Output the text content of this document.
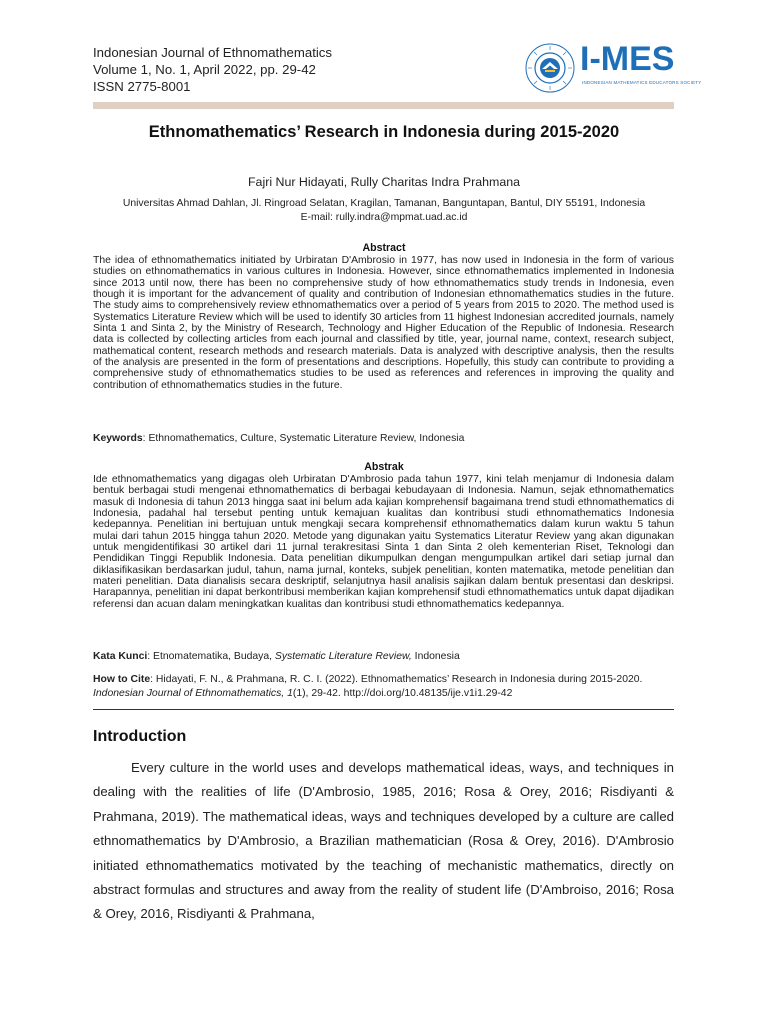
Indonesian Journal of Ethnomathematics
Volume 1, No. 1, April 2022, pp. 29-42
ISSN 2775-8001
I-MES
INDONESIAN MATHEMATICS EDUCATORS SOCIETY
Ethnomathematics’ Research in Indonesia during 2015-2020
Fajri Nur Hidayati, Rully Charitas Indra Prahmana
Universitas Ahmad Dahlan, Jl. Ringroad Selatan, Kragilan, Tamanan, Banguntapan, Bantul, DIY 55191, Indonesia
E-mail: rully.indra@mpmat.uad.ac.id
Abstract
The idea of ethnomathematics initiated by Urbiratan D'Ambrosio in 1977, has now used in Indonesia in the form of various studies on ethnomathematics in various cultures in Indonesia. However, since ethnomathematics implemented in Indonesia since 2013 until now, there has been no comprehensive study of how ethnomathematics study trends in Indonesia, even though it is important for the advancement of quality and contribution of Indonesian ethnomathematics studies in the future. The study aims to comprehensively review ethnomathematics over a period of 5 years from 2015 to 2020. The method used is Systematics Literature Review which will be used to identify 30 articles from 11 highest Indonesian accredited journals, namely Sinta 1 and Sinta 2, by the Ministry of Research, Technology and Higher Education of the Republic of Indonesia. Research data is collected by collecting articles from each journal and classified by title, year, journal name, context, research subject, mathematical content, research methods and research materials. Data is analyzed with descriptive analysis, then the results of the analysis are presented in the form of presentations and descriptions. Hopefully, this study can contribute to providing a comprehensive study of ethnomathematics studies to be used as references and references in improving the quality and contribution of ethnomathematics studies in the future.
Keywords: Ethnomathematics, Culture, Systematic Literature Review, Indonesia
Abstrak
Ide ethnomathematics yang digagas oleh Urbiratan D'Ambrosio pada tahun 1977, kini telah menjamur di Indonesia dalam bentuk berbagai studi mengenai ethnomathematics di berbagai kebudayaan di Indonesia. Namun, sejak ethnomathematics masuk di Indonesia di tahun 2013 hingga saat ini belum ada kajian komprehensif bagaimana trend studi ethnomathematics di Indonesia, padahal hal tersebut penting untuk kemajuan kualitas dan kontribusi studi ethnomathematics Indonesia kedepannya. Penelitian ini bertujuan untuk mengkaji secara komprehensif ethnomathematics dalam kurun waktu 5 tahun mulai dari tahun 2015 hingga tahun 2020. Metode yang digunakan yaitu Systematics Literatur Review yang akan digunakan untuk mengidentifikasi 30 artikel dari 11 jurnal terakresitasi Sinta 1 dan Sinta 2 oleh kementerian Riset, Teknologi dan Pendidikan Tinggi Republik Indonesia. Data penelitian dikumpulkan dengan mengumpulkan artikel dari setiap jurnal dan diklasifikasikan berdasarkan judul, tahun, nama jurnal, konteks, subjek penelitian, konten matematika, metode penelitian dan materi penelitian. Data dianalisis secara deskriptif, selanjutnya hasil analisis sajikan dalam bentuk presentasi dan deskripsi. Harapannya, penelitian ini dapat berkontribusi memberikan kajian komprehensif studi ethnomathematics untuk dapat dijadikan referensi dan acuan dalam meningkatkan kualitas dan kontribusi studi ethnomathematics kedepannya.
Kata Kunci: Etnomatematika, Budaya, Systematic Literature Review, Indonesia
How to Cite: Hidayati, F. N., & Prahmana, R. C. I. (2022). Ethnomathematics’ Research in Indonesia during 2015-2020. Indonesian Journal of Ethnomathematics, 1(1), 29-42. http://doi.org/10.48135/ije.v1i1.29-42
Introduction
Every culture in the world uses and develops mathematical ideas, ways, and techniques in dealing with the realities of life (D'Ambrosio, 1985, 2016; Rosa & Orey, 2016; Risdiyanti & Prahmana, 2019). The mathematical ideas, ways and techniques developed by a culture are called ethnomathematics by D'Ambrosio, a Brazilian mathematician (Rosa & Orey, 2016). D'Ambrosio initiated ethnomathematics motivated by the teaching of mechanistic mathematics, directly on abstract formulas and structures and away from the reality of student life (D'Ambroiso, 2016; Rosa & Orey, 2016, Risdiyanti & Prahmana,
